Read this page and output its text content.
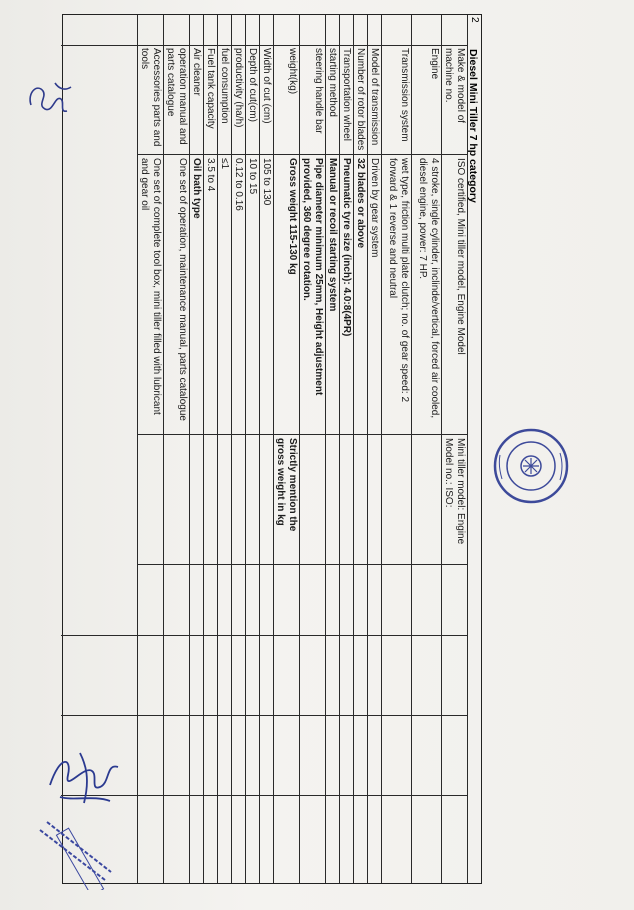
2
Diesel Mini Tiller 7 hp category
Make & model of machine no.
ISO certified, Mini tiller model, Engine Model
Mini tiller model: Engine Model no.: ISO:
Engine
4 stroke, single cylinder, inclinde/vertical, forced air cooled, diesel engine, power: 7 HP.
Transmission system
wet type, friction multi plate clutch; no. of gear speed: 2 forward & 1 reverse and neutral
Model of transmission
Driven by gear system
Number of rotor blades
32 blades or above
Transportation wheel
Pneumatic tyre size (inch): 4.0:8(4PR)
starting method
Manual or recoil starting system
steering handle bar
Pipe diameter minimum 25mm, Height adjustment provided, 360 degree rotation.
weight(kg)
Gross weight 115-130 kg
Strictly mention the gross weight in kg
Width of cut (cm)
105 to 130
Depth of cut(cm)
10 to 15
productivity (ha/h)
0.12 to 0.16
fuel consumption
≤1
Fuel tank capacity
3.5 to 4
Air cleaner
Oil bath type
operation manual and parts catalogue
One set of operation, maintenance manual, parts catalogue
Accessories parts and tools
One set of complete tool box, mini tiller filled with lubricant and gear oil
